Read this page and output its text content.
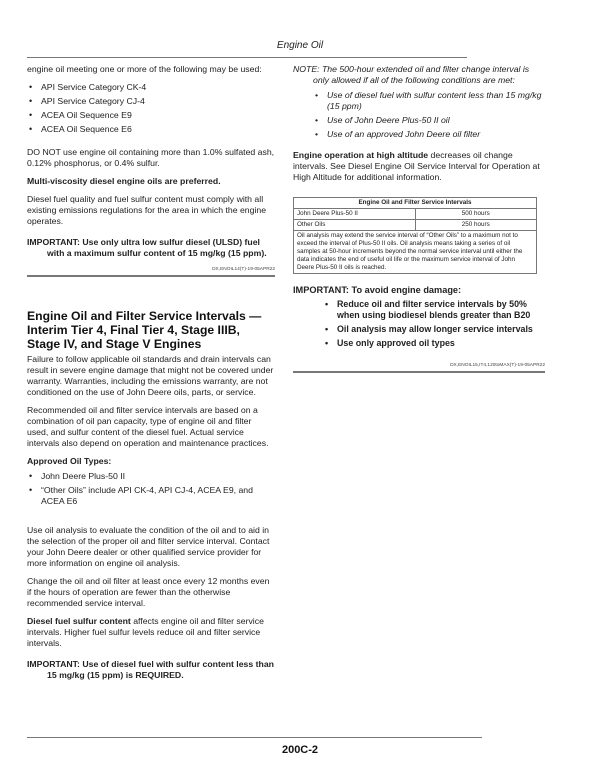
Engine Oil

engine oil meeting one or more of the following may be used:

• API Service Category CK-4
• API Service Category CJ-4
• ACEA Oil Sequence E9
• ACEA Oil Sequence E6

DO NOT use engine oil containing more than 1.0% sulfated ash, 0.12% phosphorus, or 0.4% sulfur.

Multi-viscosity diesel engine oils are preferred.

Diesel fuel quality and fuel sulfur content must comply with all existing emissions regulations for the area in which the engine operates.

IMPORTANT: Use only ultra low sulfur diesel (ULSD) fuel with a maximum sulfur content of 15 mg/kg (15 ppm).

DX,ENOIL14(T)-19-05APR22
Engine Oil and Filter Service Intervals — Interim Tier 4, Final Tier 4, Stage IIIB, Stage IV, and Stage V Engines

Failure to follow applicable oil standards and drain intervals can result in severe engine damage that might not be covered under warranty. Warranties, including the emissions warranty, are not conditioned on the use of John Deere oils, parts, or service.

Recommended oil and filter service intervals are based on a combination of oil pan capacity, type of engine oil and filter used, and sulfur content of the diesel fuel. Actual service intervals also depend on operation and maintenance practices.

Approved Oil Types:
• John Deere Plus-50 II
• “Other Oils” include API CK-4, API CJ-4, ACEA E9, and ACEA E6

Use oil analysis to evaluate the condition of the oil and to aid in the selection of the proper oil and filter service interval. Contact your John Deere dealer or other qualified service provider for more information on engine oil analysis.

Change the oil and oil filter at least once every 12 months even if the hours of operation are fewer than the otherwise recommended service interval.

Diesel fuel sulfur content affects engine oil and filter service intervals. Higher fuel sulfur levels reduce oil and filter service intervals.

IMPORTANT: Use of diesel fuel with sulfur content less than 15 mg/kg (15 ppm) is REQUIRED.

NOTE: The 500-hour extended oil and filter change interval is only allowed if all of the following conditions are met:

• Use of diesel fuel with sulfur content less than 15 mg/kg (15 ppm)
• Use of John Deere Plus-50 II oil
• Use of an approved John Deere oil filter

Engine operation at high altitude decreases oil change intervals. See Diesel Engine Oil Service Interval for Operation at High Altitude for additional information.

Engine Oil and Filter Service Intervals	
John Deere Plus-50 II	500 hours
Other Oils	250 hours
Oil analysis may extend the service interval of “Other Oils” to a maximum not to exceed the interval of Plus-50 II oils. Oil analysis means taking a series of oil samples at 50-hour increments beyond the normal service interval until either the data indicates the end of useful oil life or the maximum service interval of John Deere Plus-50 II oils is reached.	
IMPORTANT: To avoid engine damage:
• Reduce oil and filter service intervals by 50% when using biodiesel blends greater than B20
• Oil analysis may allow longer service intervals
• Use only approved oil types
DX,ENOIL15,IT4,120toMAX(T)-19-05APR22
200C-2
